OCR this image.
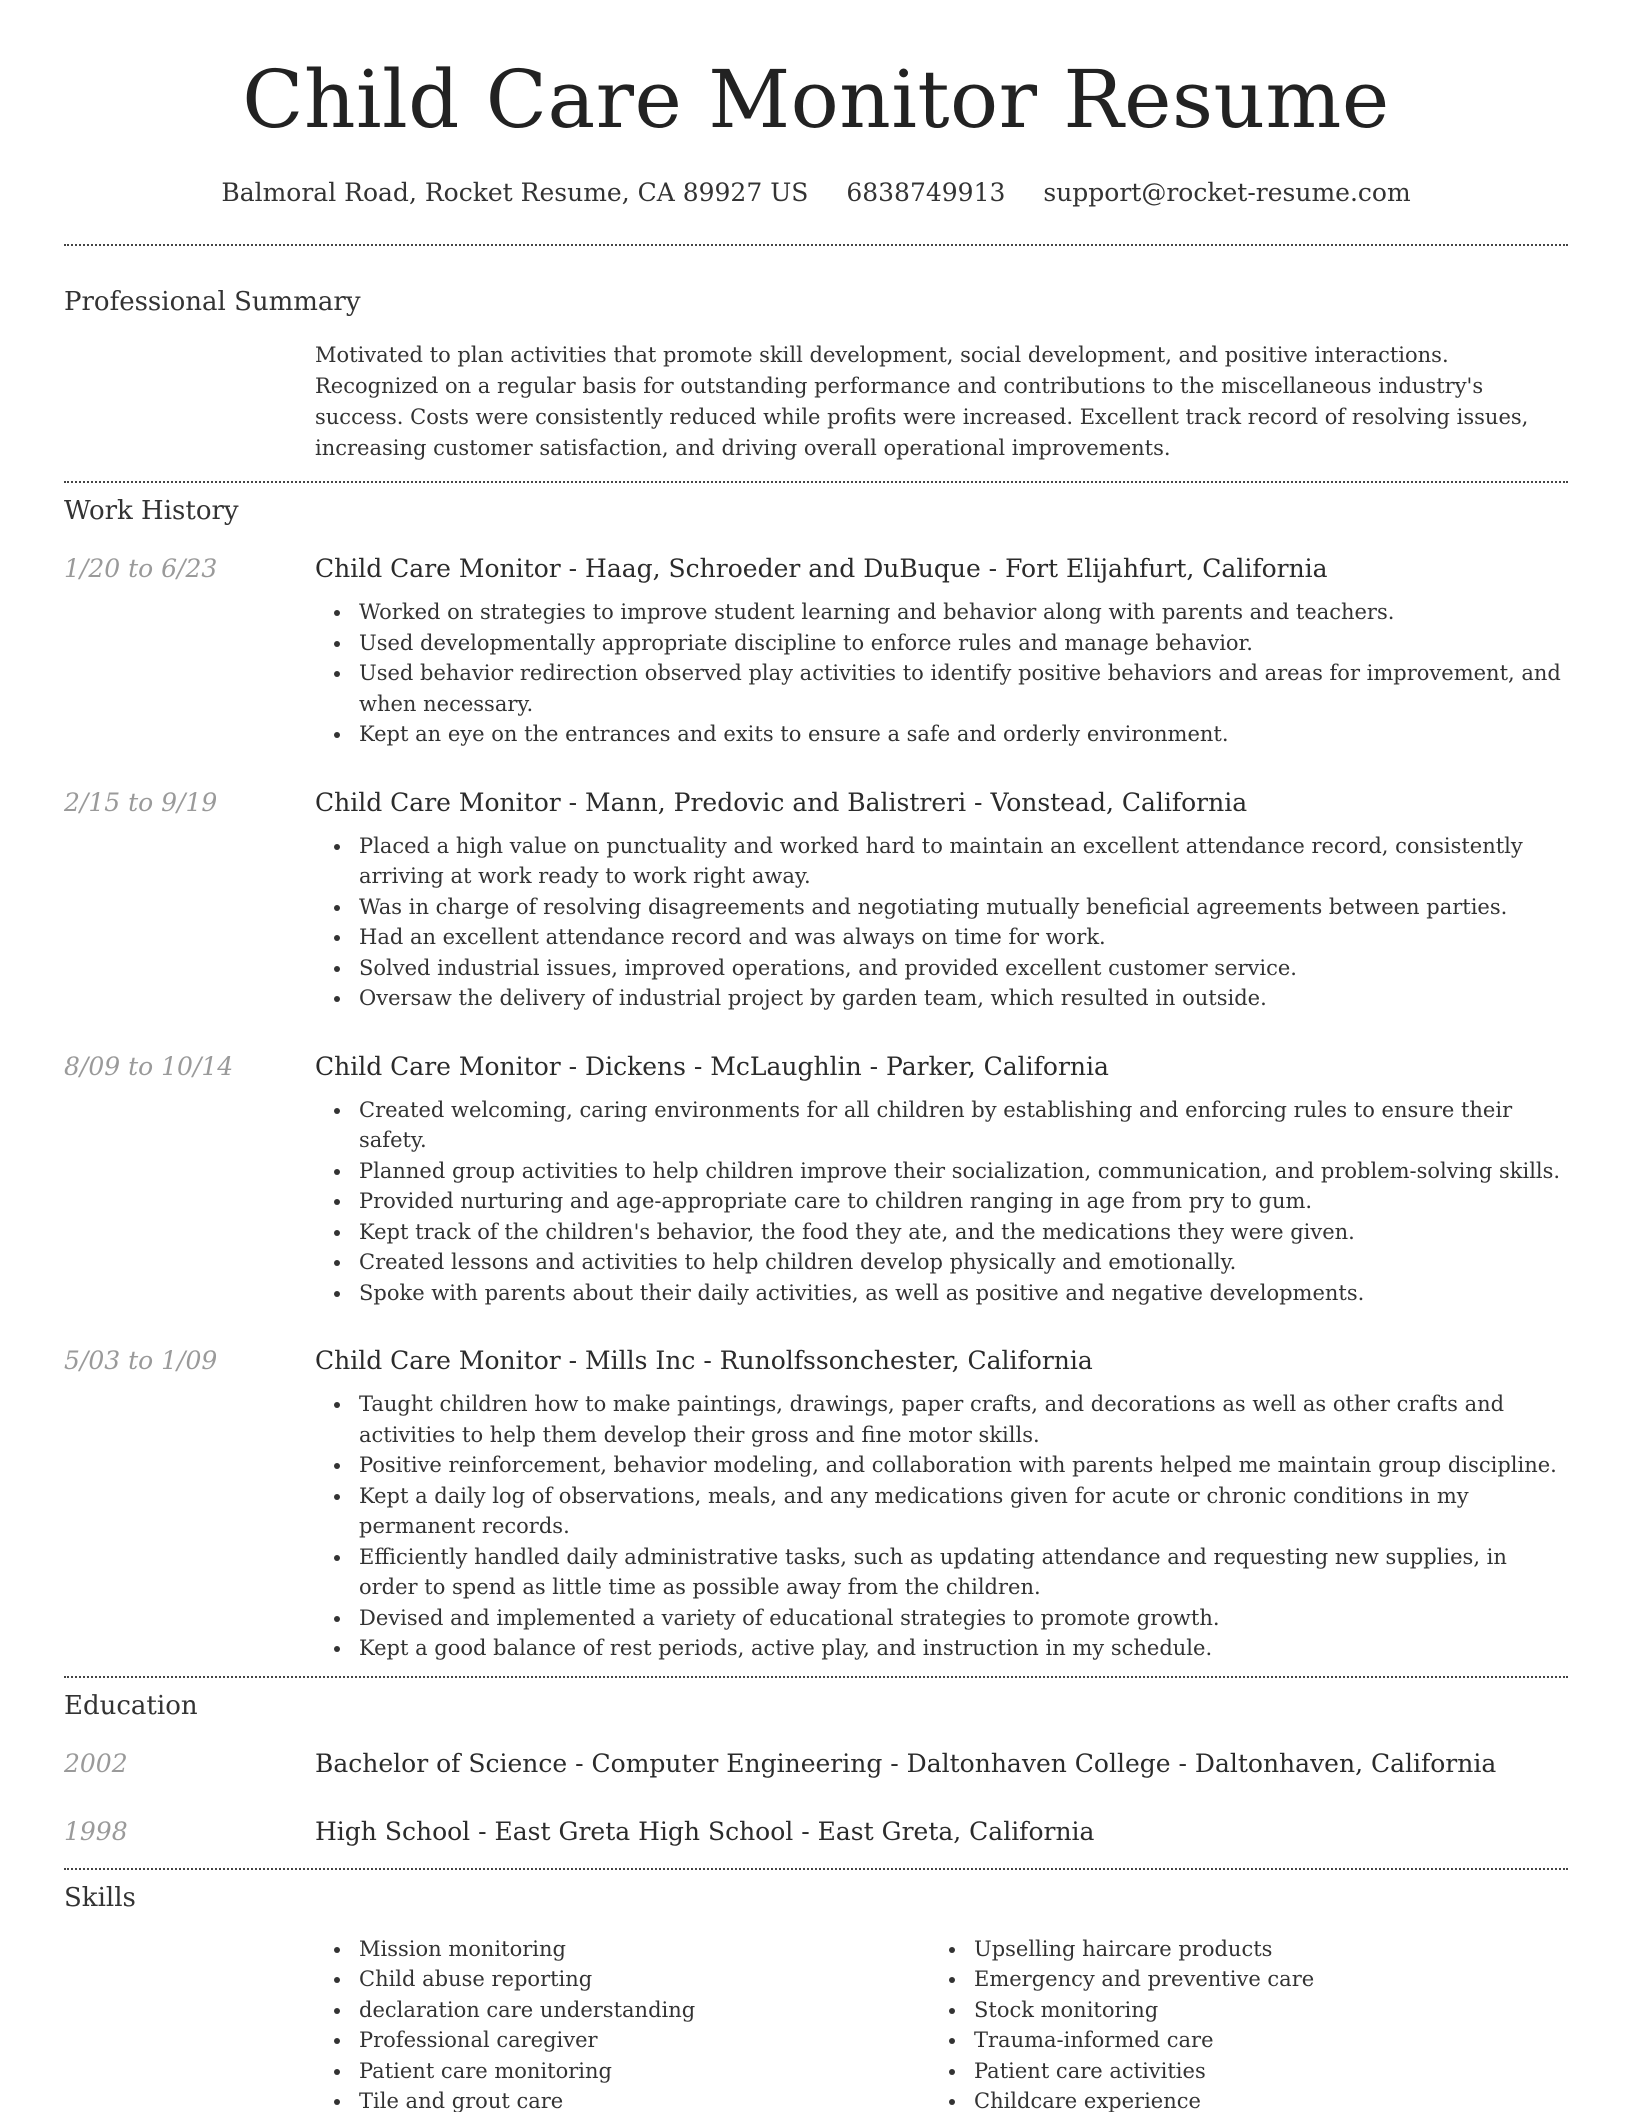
Child Care Monitor Resume
Balmoral Road, Rocket Resume, CA 89927 US 6838749913 support@rocket-resume.com
Professional Summary

Motivated to plan activities that promote skill development, social development, and positive interactions. Recognized on a regular basis for outstanding performance and contributions to the miscellaneous industry's success. Costs were consistently reduced while profits were increased. Excellent track record of resolving issues, increasing customer satisfaction, and driving overall operational improvements.

Work History
1/20 to 6/23	Child Care Monitor - Haag, Schroeder and DuBuque - Fort Elijahfurt, California
Worked on strategies to improve student learning and behavior along with parents and teachers.
Used developmentally appropriate discipline to enforce rules and manage behavior.
Used behavior redirection observed play activities to identify positive behaviors and areas for improvement, and when necessary.
Kept an eye on the entrances and exits to ensure a safe and orderly environment.
2/15 to 9/19	Child Care Monitor - Mann, Predovic and Balistreri - Vonstead, California
Placed a high value on punctuality and worked hard to maintain an excellent attendance record, consistently arriving at work ready to work right away.
Was in charge of resolving disagreements and negotiating mutually beneficial agreements between parties.
Had an excellent attendance record and was always on time for work.
Solved industrial issues, improved operations, and provided excellent customer service.
Oversaw the delivery of industrial project by garden team, which resulted in outside.
8/09 to 10/14	Child Care Monitor - Dickens - McLaughlin - Parker, California
Created welcoming, caring environments for all children by establishing and enforcing rules to ensure their safety.
Planned group activities to help children improve their socialization, communication, and problem-solving skills.
Provided nurturing and age-appropriate care to children ranging in age from pry to gum.
Kept track of the children's behavior, the food they ate, and the medications they were given.
Created lessons and activities to help children develop physically and emotionally.
Spoke with parents about their daily activities, as well as positive and negative developments.
5/03 to 1/09	Child Care Monitor - Mills Inc - Runolfssonchester, California
Taught children how to make paintings, drawings, paper crafts, and decorations as well as other crafts and activities to help them develop their gross and fine motor skills.
Positive reinforcement, behavior modeling, and collaboration with parents helped me maintain group discipline.
Kept a daily log of observations, meals, and any medications given for acute or chronic conditions in my permanent records.
Efficiently handled daily administrative tasks, such as updating attendance and requesting new supplies, in order to spend as little time as possible away from the children.
Devised and implemented a variety of educational strategies to promote growth.
Kept a good balance of rest periods, active play, and instruction in my schedule.
Education
2002	Bachelor of Science - Computer Engineering - Daltonhaven College - Daltonhaven, California
1998	High School - East Greta High School - East Greta, California
Skills
Mission monitoring
Child abuse reporting
declaration care understanding
Professional caregiver
Patient care monitoring
Tile and grout care
Upselling haircare products
Emergency and preventive care
Stock monitoring
Trauma-informed care
Patient care activities
Childcare experience
